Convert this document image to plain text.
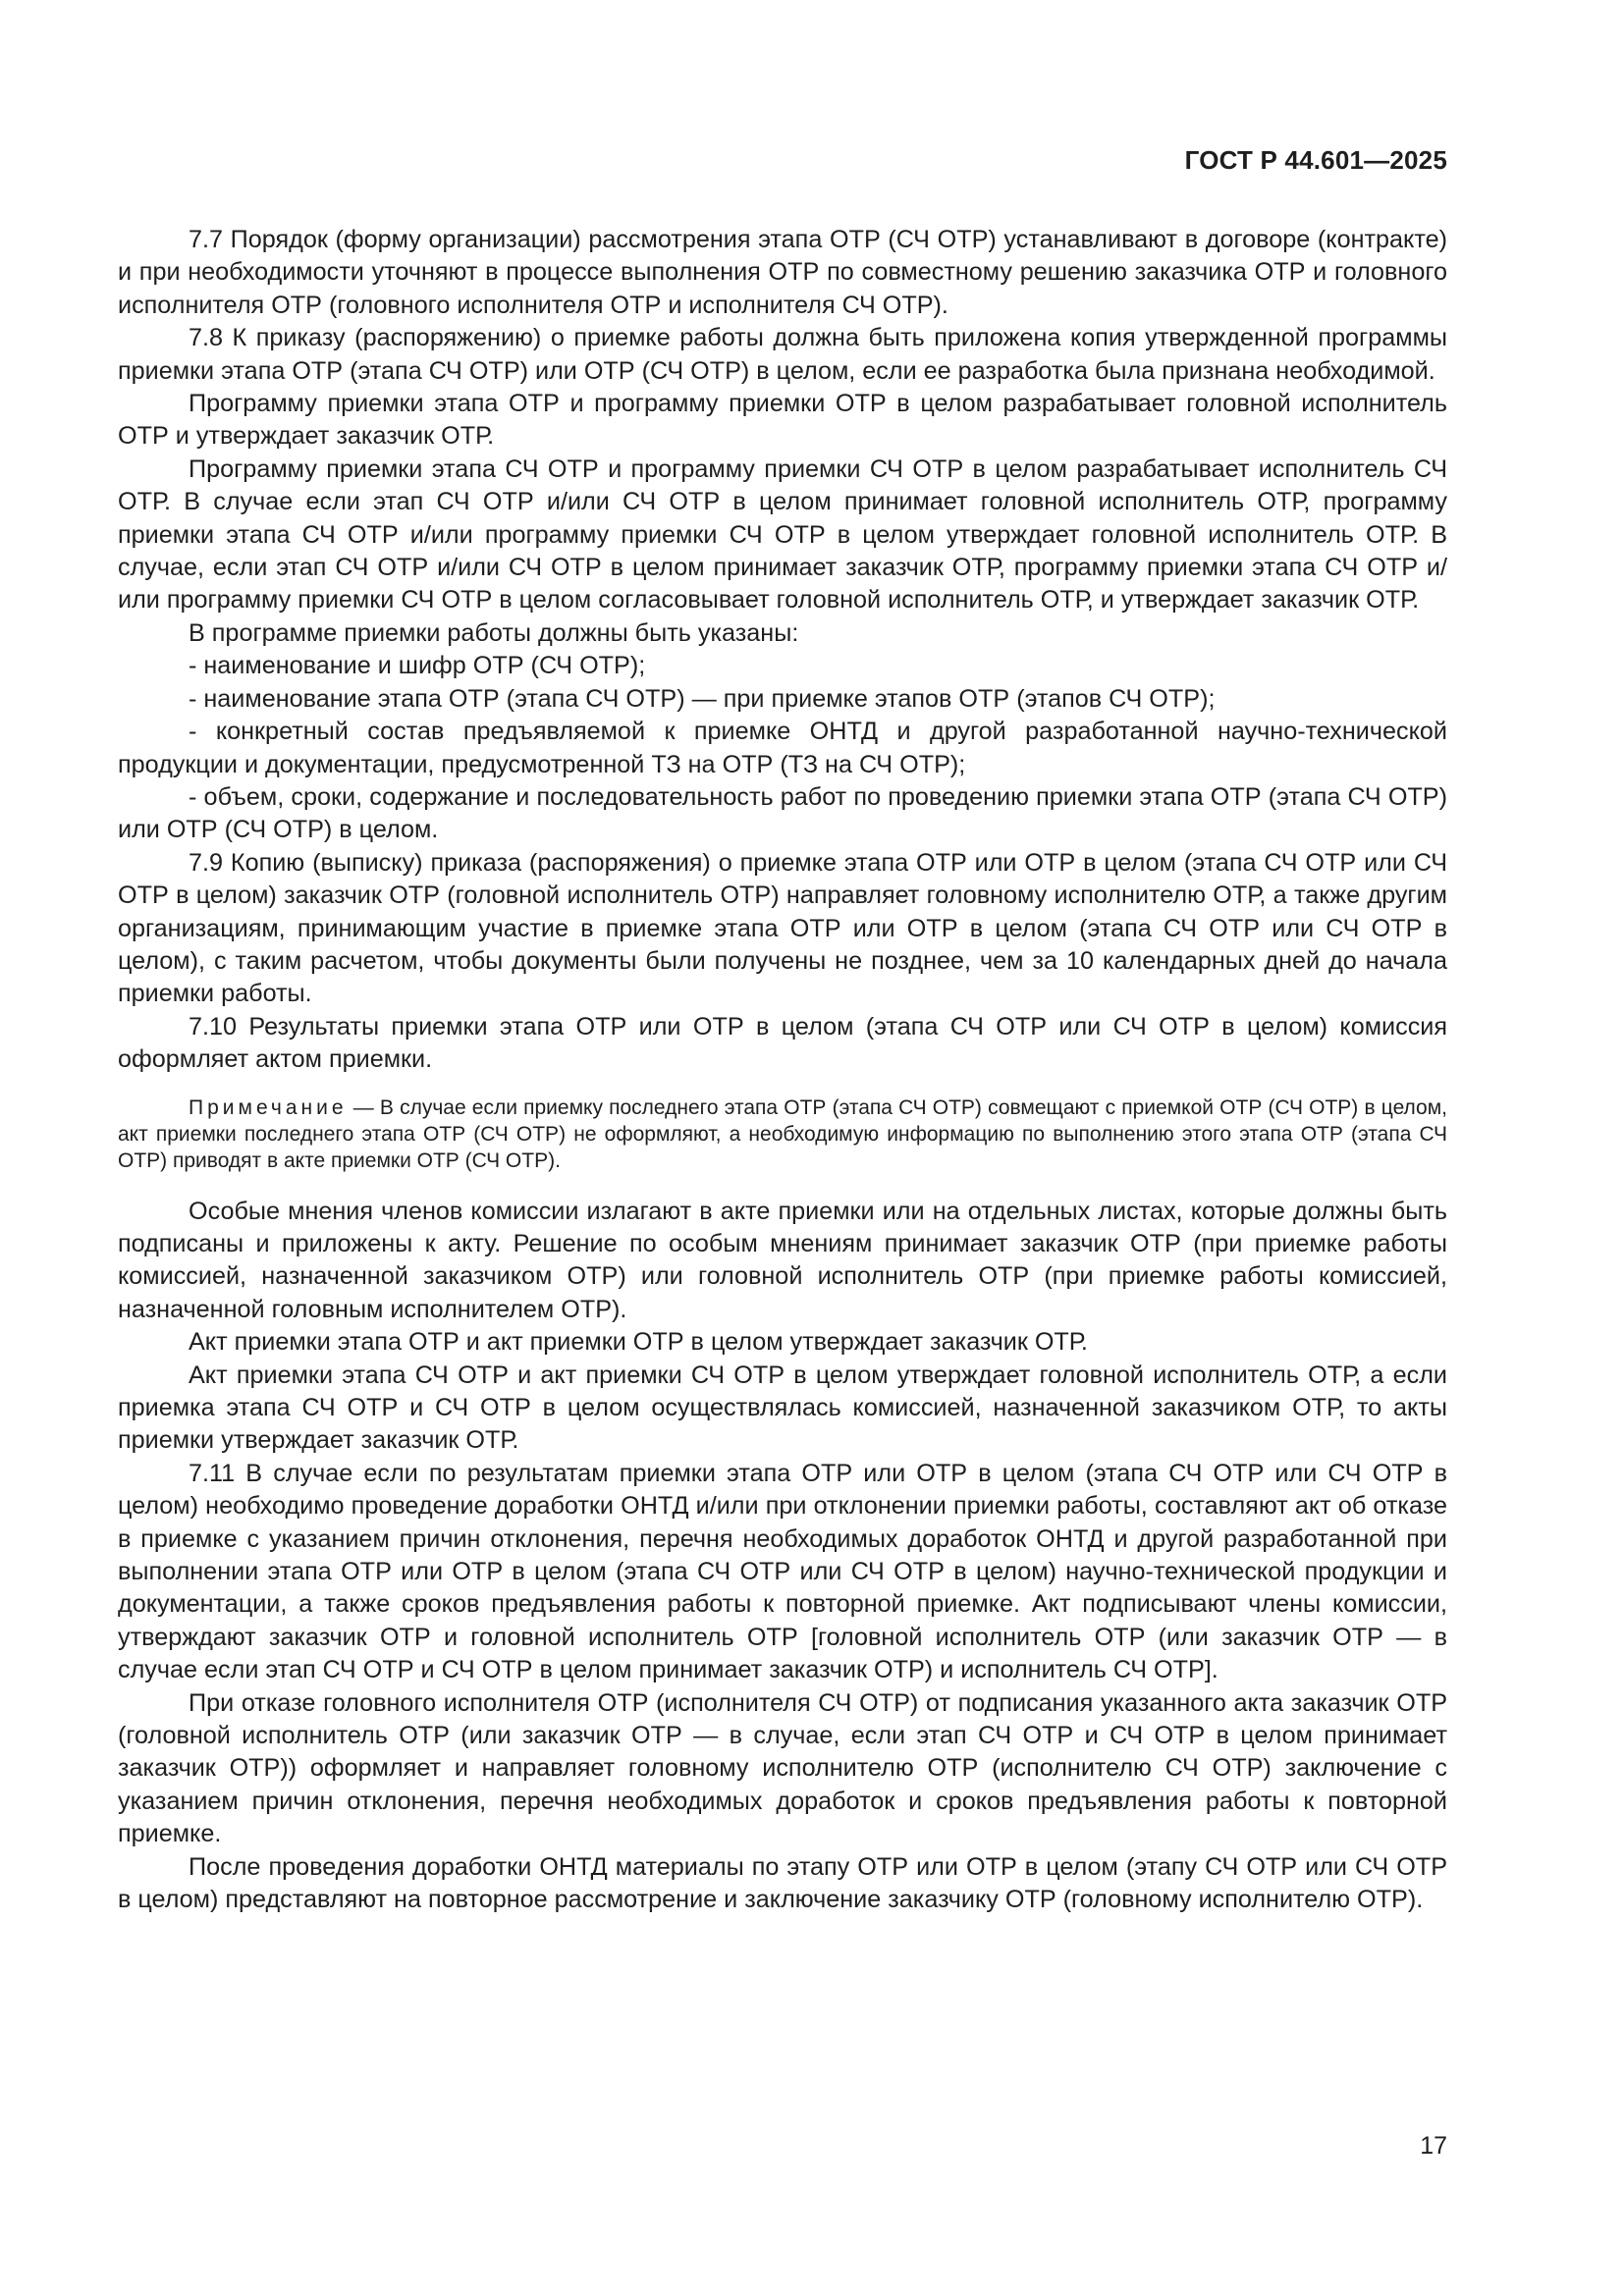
ГОСТ Р 44.601—2025

7.7 Порядок (форму организации) рассмотрения этапа ОТР (СЧ ОТР) устанавливают в договоре (контракте) и при необходимости уточняют в процессе выполнения ОТР по совместному решению заказчика ОТР и головного исполнителя ОТР (головного исполнителя ОТР и исполнителя СЧ ОТР).

7.8 К приказу (распоряжению) о приемке работы должна быть приложена копия утвержденной программы приемки этапа ОТР (этапа СЧ ОТР) или ОТР (СЧ ОТР) в целом, если ее разработка была признана необходимой.

Программу приемки этапа ОТР и программу приемки ОТР в целом разрабатывает головной исполнитель ОТР и утверждает заказчик ОТР.

Программу приемки этапа СЧ ОТР и программу приемки СЧ ОТР в целом разрабатывает исполнитель СЧ ОТР. В случае если этап СЧ ОТР и/или СЧ ОТР в целом принимает головной исполнитель ОТР, программу приемки этапа СЧ ОТР и/или программу приемки СЧ ОТР в целом утверждает головной исполнитель ОТР. В случае, если этап СЧ ОТР и/или СЧ ОТР в целом принимает заказчик ОТР, программу приемки этапа СЧ ОТР и/или программу приемки СЧ ОТР в целом согласовывает головной исполнитель ОТР, и утверждает заказчик ОТР.

В программе приемки работы должны быть указаны:

- наименование и шифр ОТР (СЧ ОТР);

- наименование этапа ОТР (этапа СЧ ОТР) — при приемке этапов ОТР (этапов СЧ ОТР);

- конкретный состав предъявляемой к приемке ОНТД и другой разработанной научно-технической продукции и документации, предусмотренной ТЗ на ОТР (ТЗ на СЧ ОТР);

- объем, сроки, содержание и последовательность работ по проведению приемки этапа ОТР (этапа СЧ ОТР) или ОТР (СЧ ОТР) в целом.

7.9 Копию (выписку) приказа (распоряжения) о приемке этапа ОТР или ОТР в целом (этапа СЧ ОТР или СЧ ОТР в целом) заказчик ОТР (головной исполнитель ОТР) направляет головному исполнителю ОТР, а также другим организациям, принимающим участие в приемке этапа ОТР или ОТР в целом (этапа СЧ ОТР или СЧ ОТР в целом), с таким расчетом, чтобы документы были получены не позднее, чем за 10 календарных дней до начала приемки работы.

7.10 Результаты приемки этапа ОТР или ОТР в целом (этапа СЧ ОТР или СЧ ОТР в целом) комиссия оформляет актом приемки.

Примечание — В случае если приемку последнего этапа ОТР (этапа СЧ ОТР) совмещают с приемкой ОТР (СЧ ОТР) в целом, акт приемки последнего этапа ОТР (СЧ ОТР) не оформляют, а необходимую информацию по выполнению этого этапа ОТР (этапа СЧ ОТР) приводят в акте приемки ОТР (СЧ ОТР).

Особые мнения членов комиссии излагают в акте приемки или на отдельных листах, которые должны быть подписаны и приложены к акту. Решение по особым мнениям принимает заказчик ОТР (при приемке работы комиссией, назначенной заказчиком ОТР) или головной исполнитель ОТР (при приемке работы комиссией, назначенной головным исполнителем ОТР).

Акт приемки этапа ОТР и акт приемки ОТР в целом утверждает заказчик ОТР.

Акт приемки этапа СЧ ОТР и акт приемки СЧ ОТР в целом утверждает головной исполнитель ОТР, а если приемка этапа СЧ ОТР и СЧ ОТР в целом осуществлялась комиссией, назначенной заказчиком ОТР, то акты приемки утверждает заказчик ОТР.

7.11 В случае если по результатам приемки этапа ОТР или ОТР в целом (этапа СЧ ОТР или СЧ ОТР в целом) необходимо проведение доработки ОНТД и/или при отклонении приемки работы, составляют акт об отказе в приемке с указанием причин отклонения, перечня необходимых доработок ОНТД и другой разработанной при выполнении этапа ОТР или ОТР в целом (этапа СЧ ОТР или СЧ ОТР в целом) научно-технической продукции и документации, а также сроков предъявления работы к повторной приемке. Акт подписывают члены комиссии, утверждают заказчик ОТР и головной исполнитель ОТР [головной исполнитель ОТР (или заказчик ОТР — в случае если этап СЧ ОТР и СЧ ОТР в целом принимает заказчик ОТР) и исполнитель СЧ ОТР].

При отказе головного исполнителя ОТР (исполнителя СЧ ОТР) от подписания указанного акта заказчик ОТР (головной исполнитель ОТР (или заказчик ОТР — в случае, если этап СЧ ОТР и СЧ ОТР в целом принимает заказчик ОТР)) оформляет и направляет головному исполнителю ОТР (исполнителю СЧ ОТР) заключение с указанием причин отклонения, перечня необходимых доработок и сроков предъявления работы к повторной приемке.

После проведения доработки ОНТД материалы по этапу ОТР или ОТР в целом (этапу СЧ ОТР или СЧ ОТР в целом) представляют на повторное рассмотрение и заключение заказчику ОТР (головному исполнителю ОТР).

17
